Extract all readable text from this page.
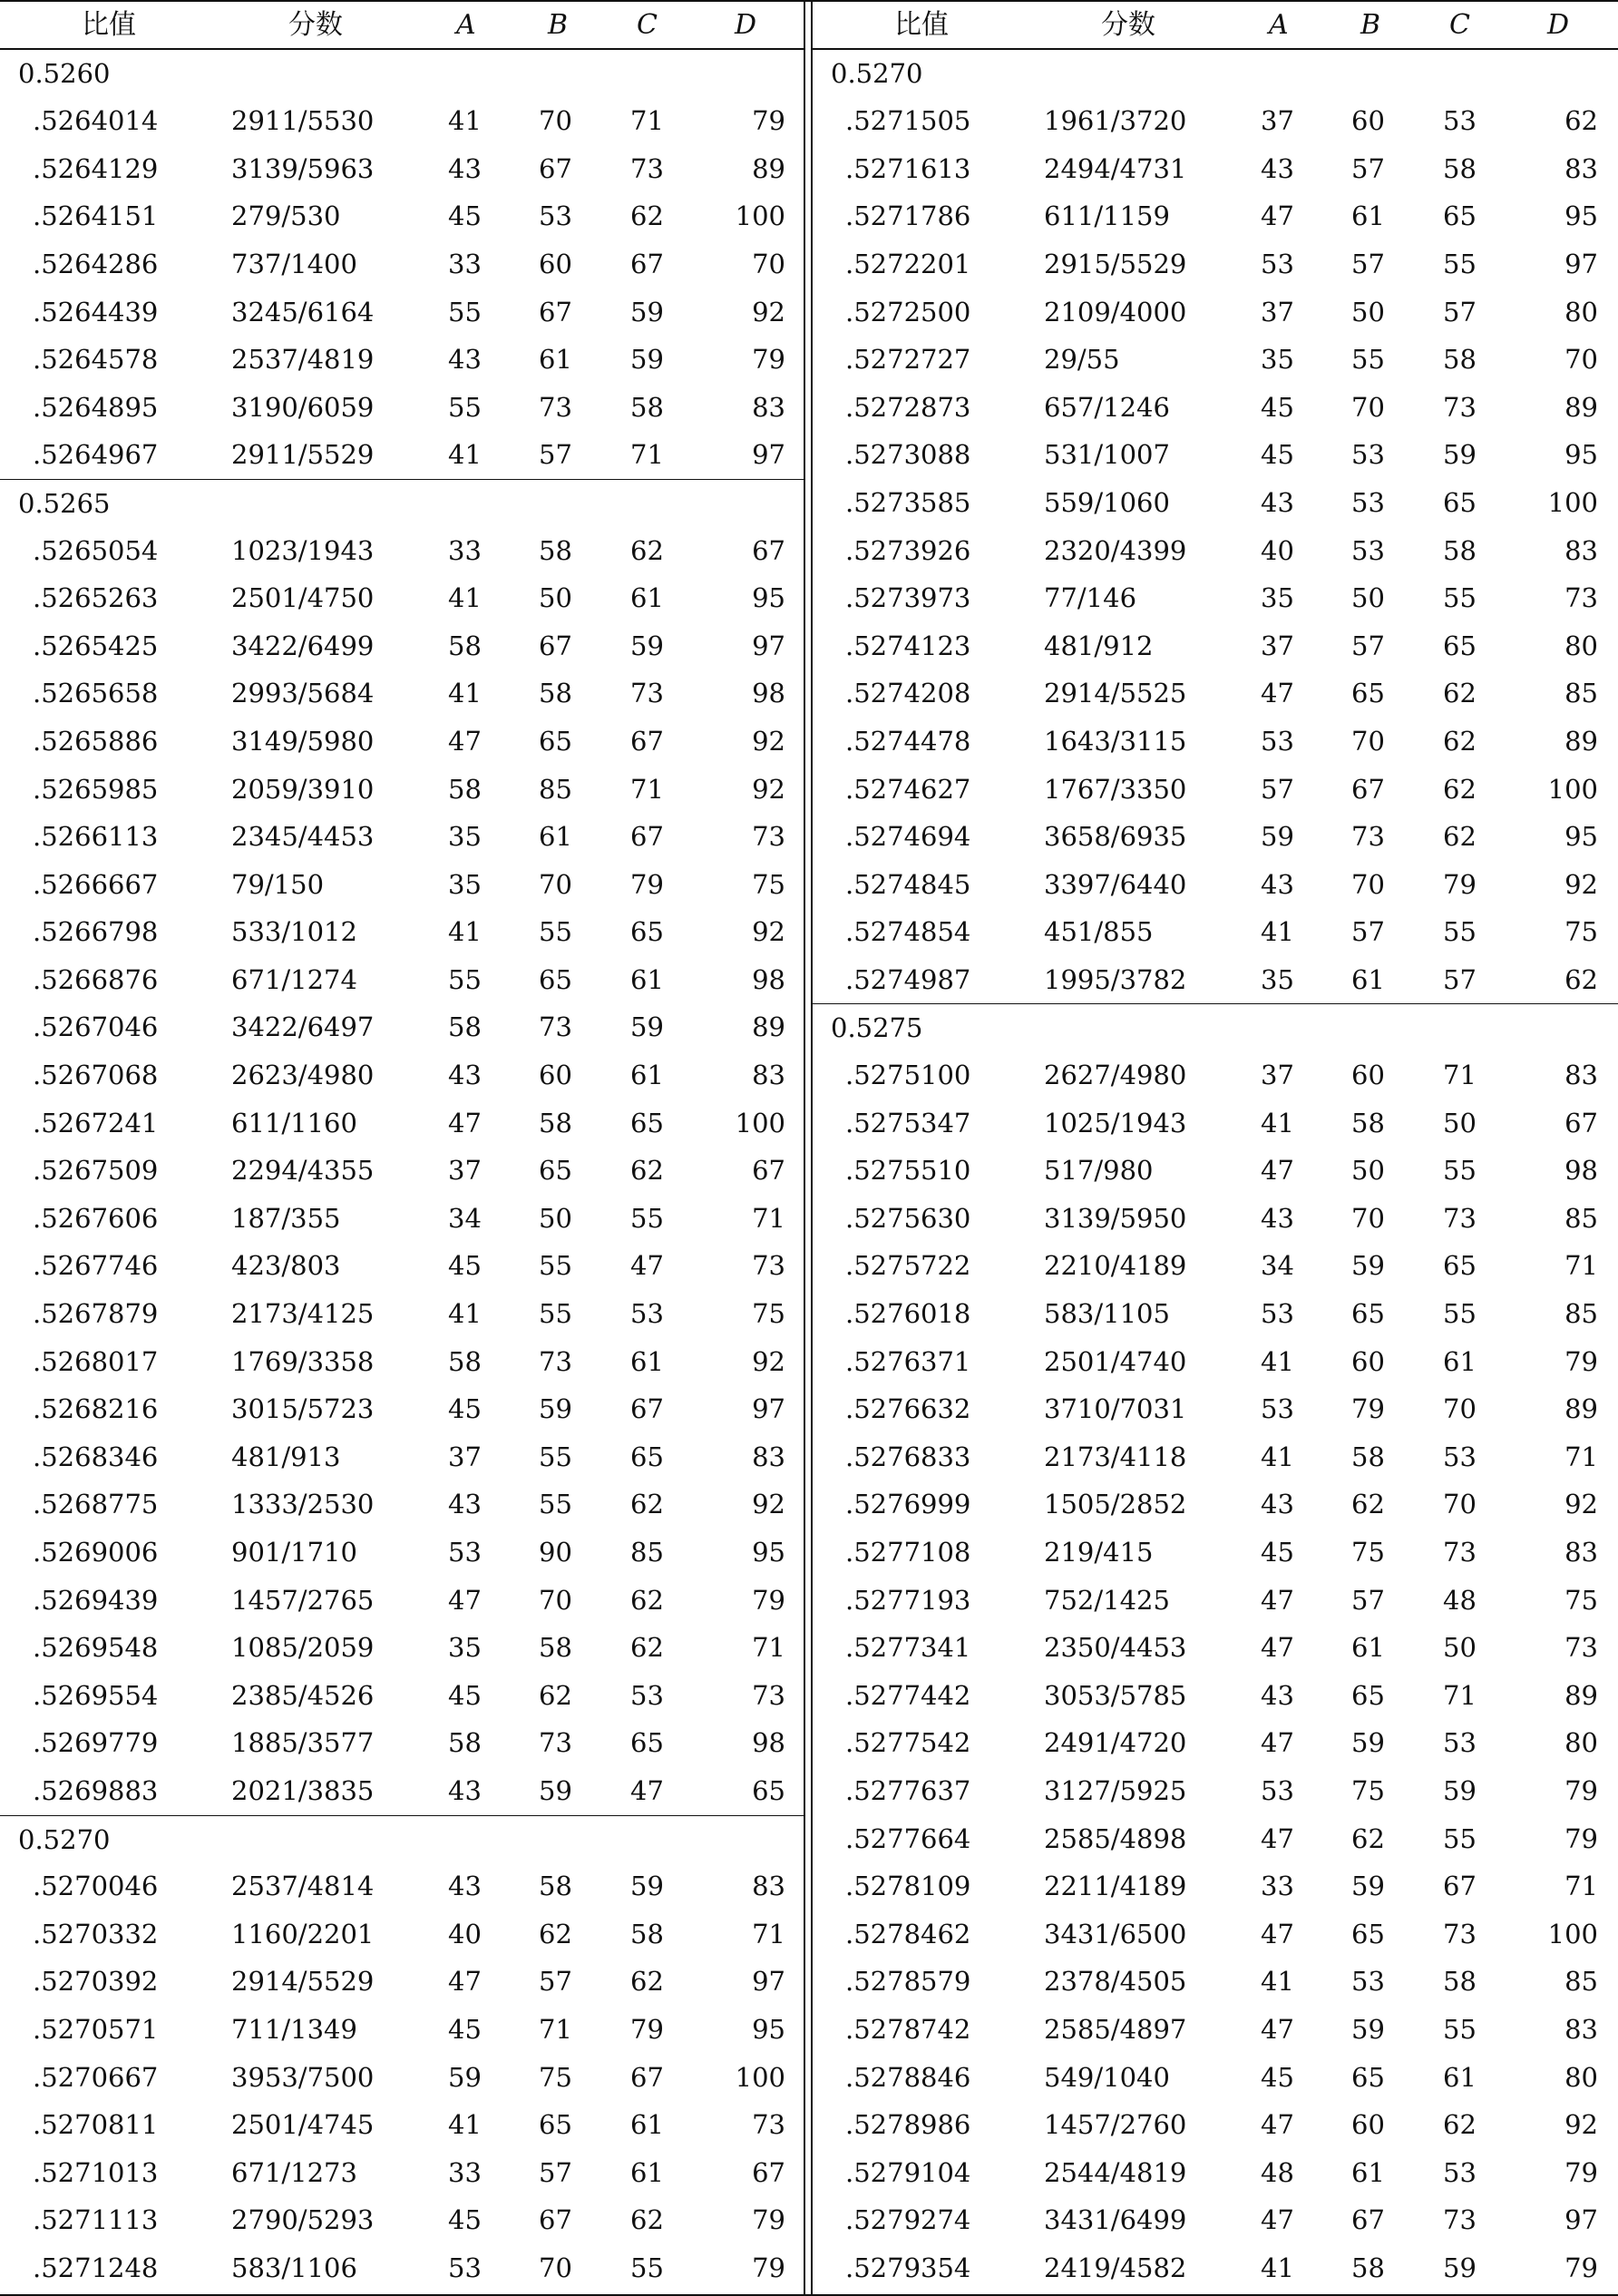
比值	分数	A	B	C	D
0.5260
.5264014	2911/5530	41 70 71	79
.5264129	3139/5963	43 67 73	89
.5264151	279/530	45 53 62	100
.5264286	737/1400	33 60 67	70
.5264439	3245/6164	55 67 59	92
.5264578	2537/4819	43 61 59	79
.5264895	3190/6059	55 73 58	83
.5264967	2911/5529	41 57 71	97
0.5265
.5265054	1023/1943	33 58 62	67
.5265263	2501/4750	41 50 61	95
.5265425	3422/6499	58 67 59	97
.5265658	2993/5684	41 58 73	98
.5265886	3149/5980	47 65 67	92
.5265985	2059/3910	58 85 71	92
.5266113	2345/4453	35 61 67	73
.5266667	79/150	35 70 79	75
.5266798	533/1012	41 55 65	92
.5266876	671/1274	55 65 61	98
.5267046	3422/6497	58 73 59	89
.5267068	2623/4980	43 60 61	83
.5267241	611/1160	47 58 65	100
.5267509	2294/4355	37 65 62	67
.5267606	187/355	34 50 55	71
.5267746	423/803	45 55 47	73
.5267879	2173/4125	41 55 53	75
.5268017	1769/3358	58 73 61	92
.5268216	3015/5723	45 59 67	97
.5268346	481/913	37 55 65	83
.5268775	1333/2530	43 55 62	92
.5269006	901/1710	53 90 85	95
.5269439	1457/2765	47 70 62	79
.5269548	1085/2059	35 58 62	71
.5269554	2385/4526	45 62 53	73
.5269779	1885/3577	58 73 65	98
.5269883	2021/3835	43 59 47	65
0.5270
.5270046	2537/4814	43 58 59	83
.5270332	1160/2201	40 62 58	71
.5270392	2914/5529	47 57 62	97
.5270571	711/1349	45 71 79	95
.5270667	3953/7500	59 75 67	100
.5270811	2501/4745	41 65 61	73
.5271013	671/1273	33 57 61	67
.5271113	2790/5293	45 67 62	79
.5271248	583/1106	53 70 55	79
比值	分数	A	B	C	D
0.5270
.5271505	1961/3720	37 60 53	62
.5271613	2494/4731	43 57 58	83
.5271786	611/1159	47 61 65	95
.5272201	2915/5529	53 57 55	97
.5272500	2109/4000	37 50 57	80
.5272727	29/55	35 55 58	70
.5272873	657/1246	45 70 73	89
.5273088	531/1007	45 53 59	95
.5273585	559/1060	43 53 65	100
.5273926	2320/4399	40 53 58	83
.5273973	77/146	35 50 55	73
.5274123	481/912	37 57 65	80
.5274208	2914/5525	47 65 62	85
.5274478	1643/3115	53 70 62	89
.5274627	1767/3350	57 67 62	100
.5274694	3658/6935	59 73 62	95
.5274845	3397/6440	43 70 79	92
.5274854	451/855	41 57 55	75
.5274987	1995/3782	35 61 57	62
0.5275
.5275100	2627/4980	37 60 71	83
.5275347	1025/1943	41 58 50	67
.5275510	517/980	47 50 55	98
.5275630	3139/5950	43 70 73	85
.5275722	2210/4189	34 59 65	71
.5276018	583/1105	53 65 55	85
.5276371	2501/4740	41 60 61	79
.5276632	3710/7031	53 79 70	89
.5276833	2173/4118	41 58 53	71
.5276999	1505/2852	43 62 70	92
.5277108	219/415	45 75 73	83
.5277193	752/1425	47 57 48	75
.5277341	2350/4453	47 61 50	73
.5277442	3053/5785	43 65 71	89
.5277542	2491/4720	47 59 53	80
.5277637	3127/5925	53 75 59	79
.5277664	2585/4898	47 62 55	79
.5278109	2211/4189	33 59 67	71
.5278462	3431/6500	47 65 73	100
.5278579	2378/4505	41 53 58	85
.5278742	2585/4897	47 59 55	83
.5278846	549/1040	45 65 61	80
.5278986	1457/2760	47 60 62	92
.5279104	2544/4819	48 61 53	79
.5279274	3431/6499	47 67 73	97
.5279354	2419/4582	41 58 59	79
